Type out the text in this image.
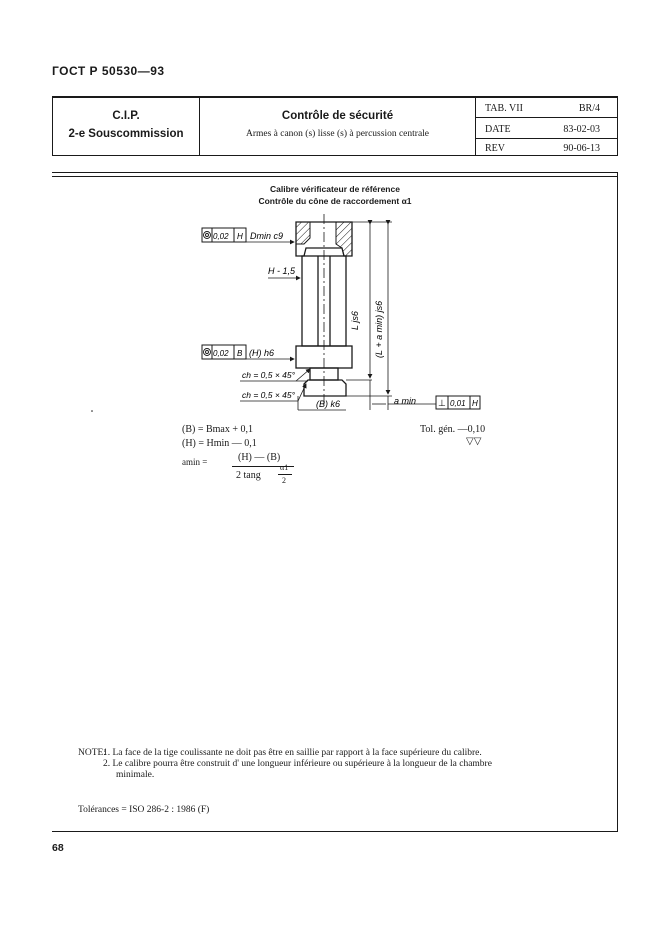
ГОСТ Р 50530—93
C.I.P.
2-e Souscommission
Contrôle de sécurité
Armes à canon (s) lisse (s) à percussion centrale
TAB. VII	BR/4
DATE	83-02-03
REV	90-06-13
Calibre vérificateur de référence
Contrôle du cône de raccordement α1
L js6 (L + a min) js6
a min ⊥ 0,01 H
0,02 H Dmin c9
H - 1,5
0,02 B (H) h6
ch = 0,5 × 45°
ch = 0,5 × 45°
(B) k6
(B) = Bmax + 0,1
(H) = Hmin — 0,1
amin =	(H) — (B)
2 tang
α1
2
Tol. gén. —0,10
▽▽
NOTE:
1. La face de la tige coulissante ne doit pas être en saillie par rapport à la face supérieure du calibre.
2. Le calibre pourra être construit d' une longueur inférieure ou supérieure à la longueur de la chambre
minimale.
Tolérances = ISO 286-2 : 1986 (F)
68
